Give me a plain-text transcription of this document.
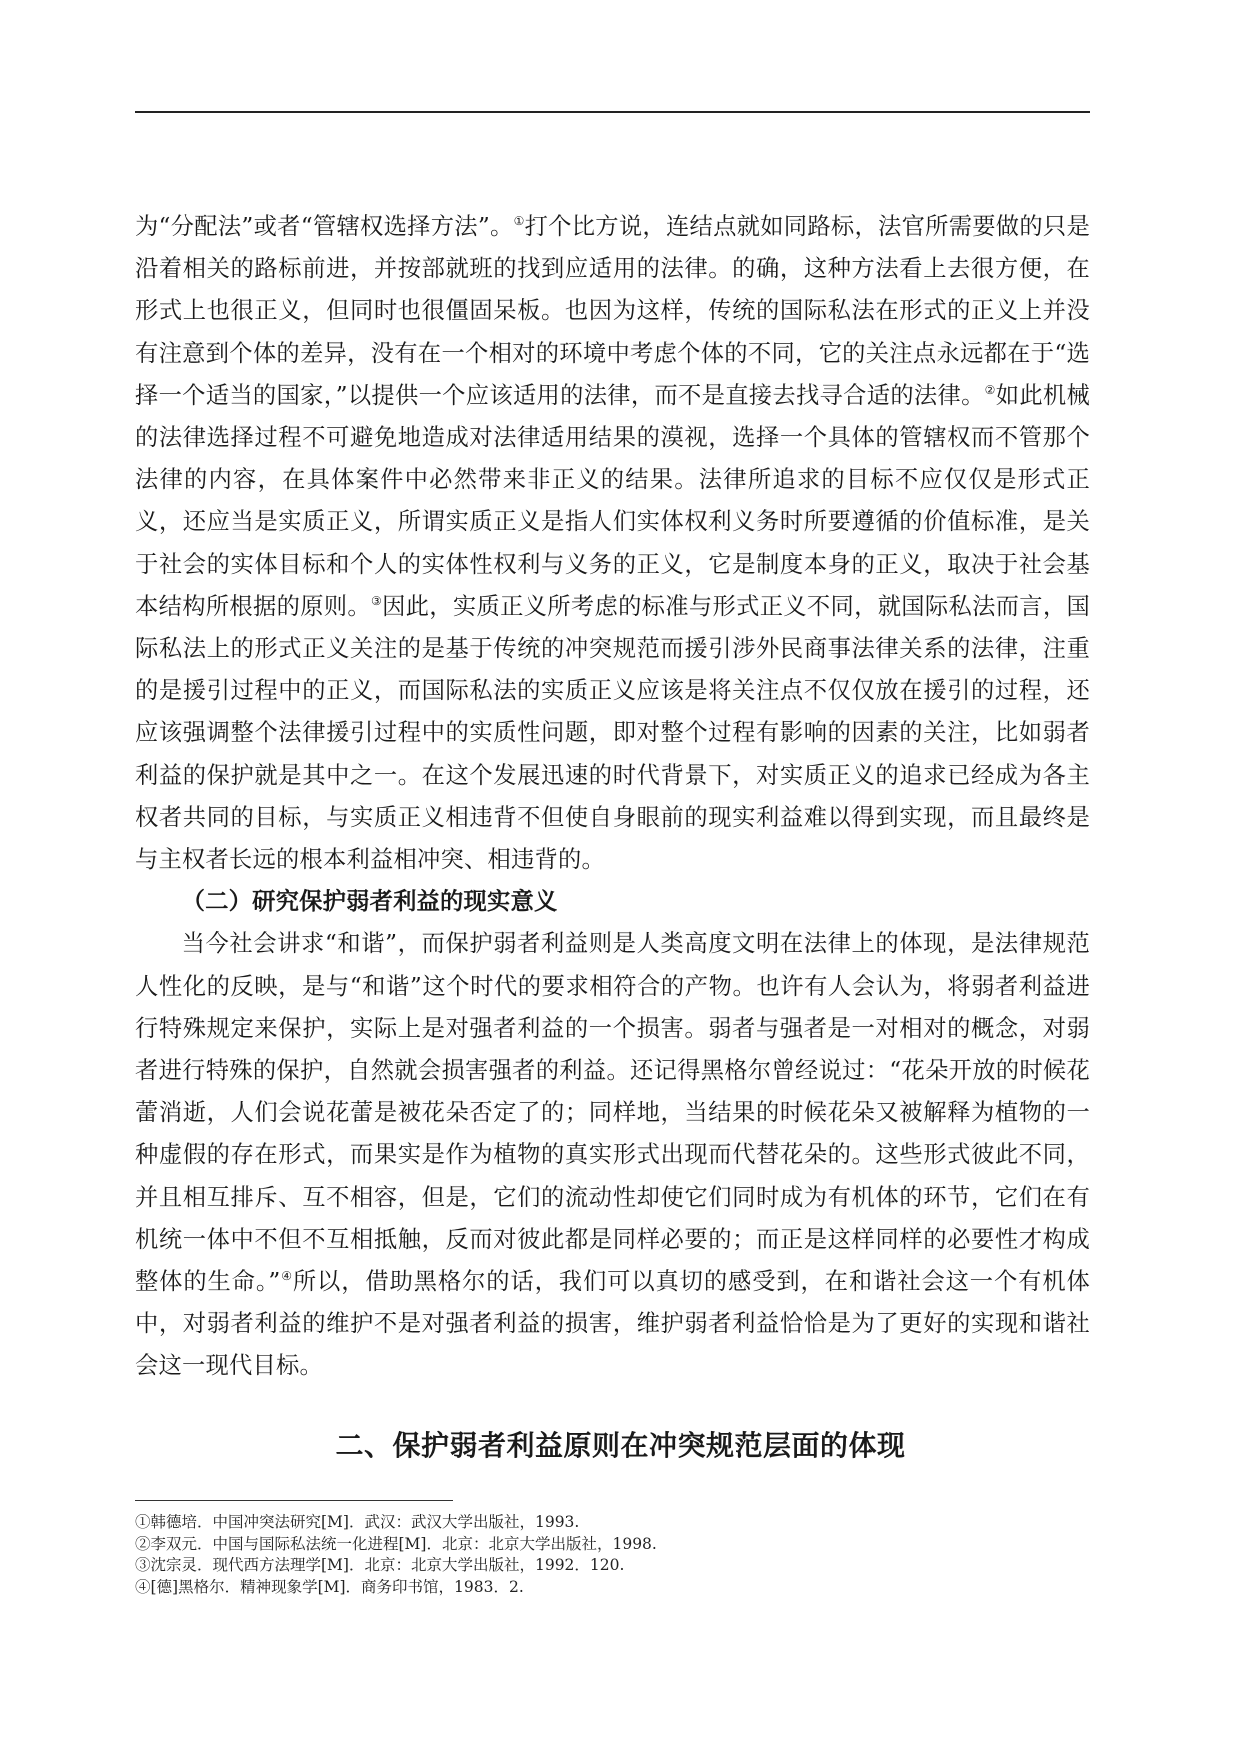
为“分配法”或者“管辖权选择方法”。①打个比方说，连结点就如同路标，法官所需要做的只是沿着相关的路标前进，并按部就班的找到应适用的法律。的确，这种方法看上去很方便，在形式上也很正义，但同时也很僵固呆板。也因为这样，传统的国际私法在形式的正义上并没有注意到个体的差异，没有在一个相对的环境中考虑个体的不同，它的关注点永远都在于“选择一个适当的国家，”以提供一个应该适用的法律，而不是直接去找寻合适的法律。②如此机械的法律选择过程不可避免地造成对法律适用结果的漠视，选择一个具体的管辖权而不管那个法律的内容，在具体案件中必然带来非正义的结果。法律所追求的目标不应仅仅是形式正义，还应当是实质正义，所谓实质正义是指人们实体权利义务时所要遵循的价值标准，是关于社会的实体目标和个人的实体性权利与义务的正义，它是制度本身的正义，取决于社会基本结构所根据的原则。③因此，实质正义所考虑的标准与形式正义不同，就国际私法而言，国际私法上的形式正义关注的是基于传统的冲突规范而援引涉外民商事法律关系的法律，注重的是援引过程中的正义，而国际私法的实质正义应该是将关注点不仅仅放在援引的过程，还应该强调整个法律援引过程中的实质性问题，即对整个过程有影响的因素的关注，比如弱者利益的保护就是其中之一。在这个发展迅速的时代背景下，对实质正义的追求已经成为各主权者共同的目标，与实质正义相违背不但使自身眼前的现实利益难以得到实现，而且最终是与主权者长远的根本利益相冲突、相违背的。

（二）研究保护弱者利益的现实意义

当今社会讲求“和谐”，而保护弱者利益则是人类高度文明在法律上的体现，是法律规范人性化的反映，是与“和谐”这个时代的要求相符合的产物。也许有人会认为，将弱者利益进行特殊规定来保护，实际上是对强者利益的一个损害。弱者与强者是一对相对的概念，对弱者进行特殊的保护，自然就会损害强者的利益。还记得黑格尔曾经说过：“花朵开放的时候花蕾消逝，人们会说花蕾是被花朵否定了的；同样地，当结果的时候花朵又被解释为植物的一种虚假的存在形式，而果实是作为植物的真实形式出现而代替花朵的。这些形式彼此不同，并且相互排斥、互不相容，但是，它们的流动性却使它们同时成为有机体的环节，它们在有机统一体中不但不互相抵触，反而对彼此都是同样必要的；而正是这样同样的必要性才构成整体的生命。”④所以，借助黑格尔的话，我们可以真切的感受到，在和谐社会这一个有机体中，对弱者利益的维护不是对强者利益的损害，维护弱者利益恰恰是为了更好的实现和谐社会这一现代目标。

二、保护弱者利益原则在冲突规范层面的体现
①韩德培．中国冲突法研究[M]．武汉：武汉大学出版社，1993.
②李双元．中国与国际私法统一化进程[M]．北京：北京大学出版社，1998.
③沈宗灵．现代西方法理学[M]．北京：北京大学出版社，1992．120.
④[德]黑格尔．精神现象学[M]．商务印书馆，1983．2.
